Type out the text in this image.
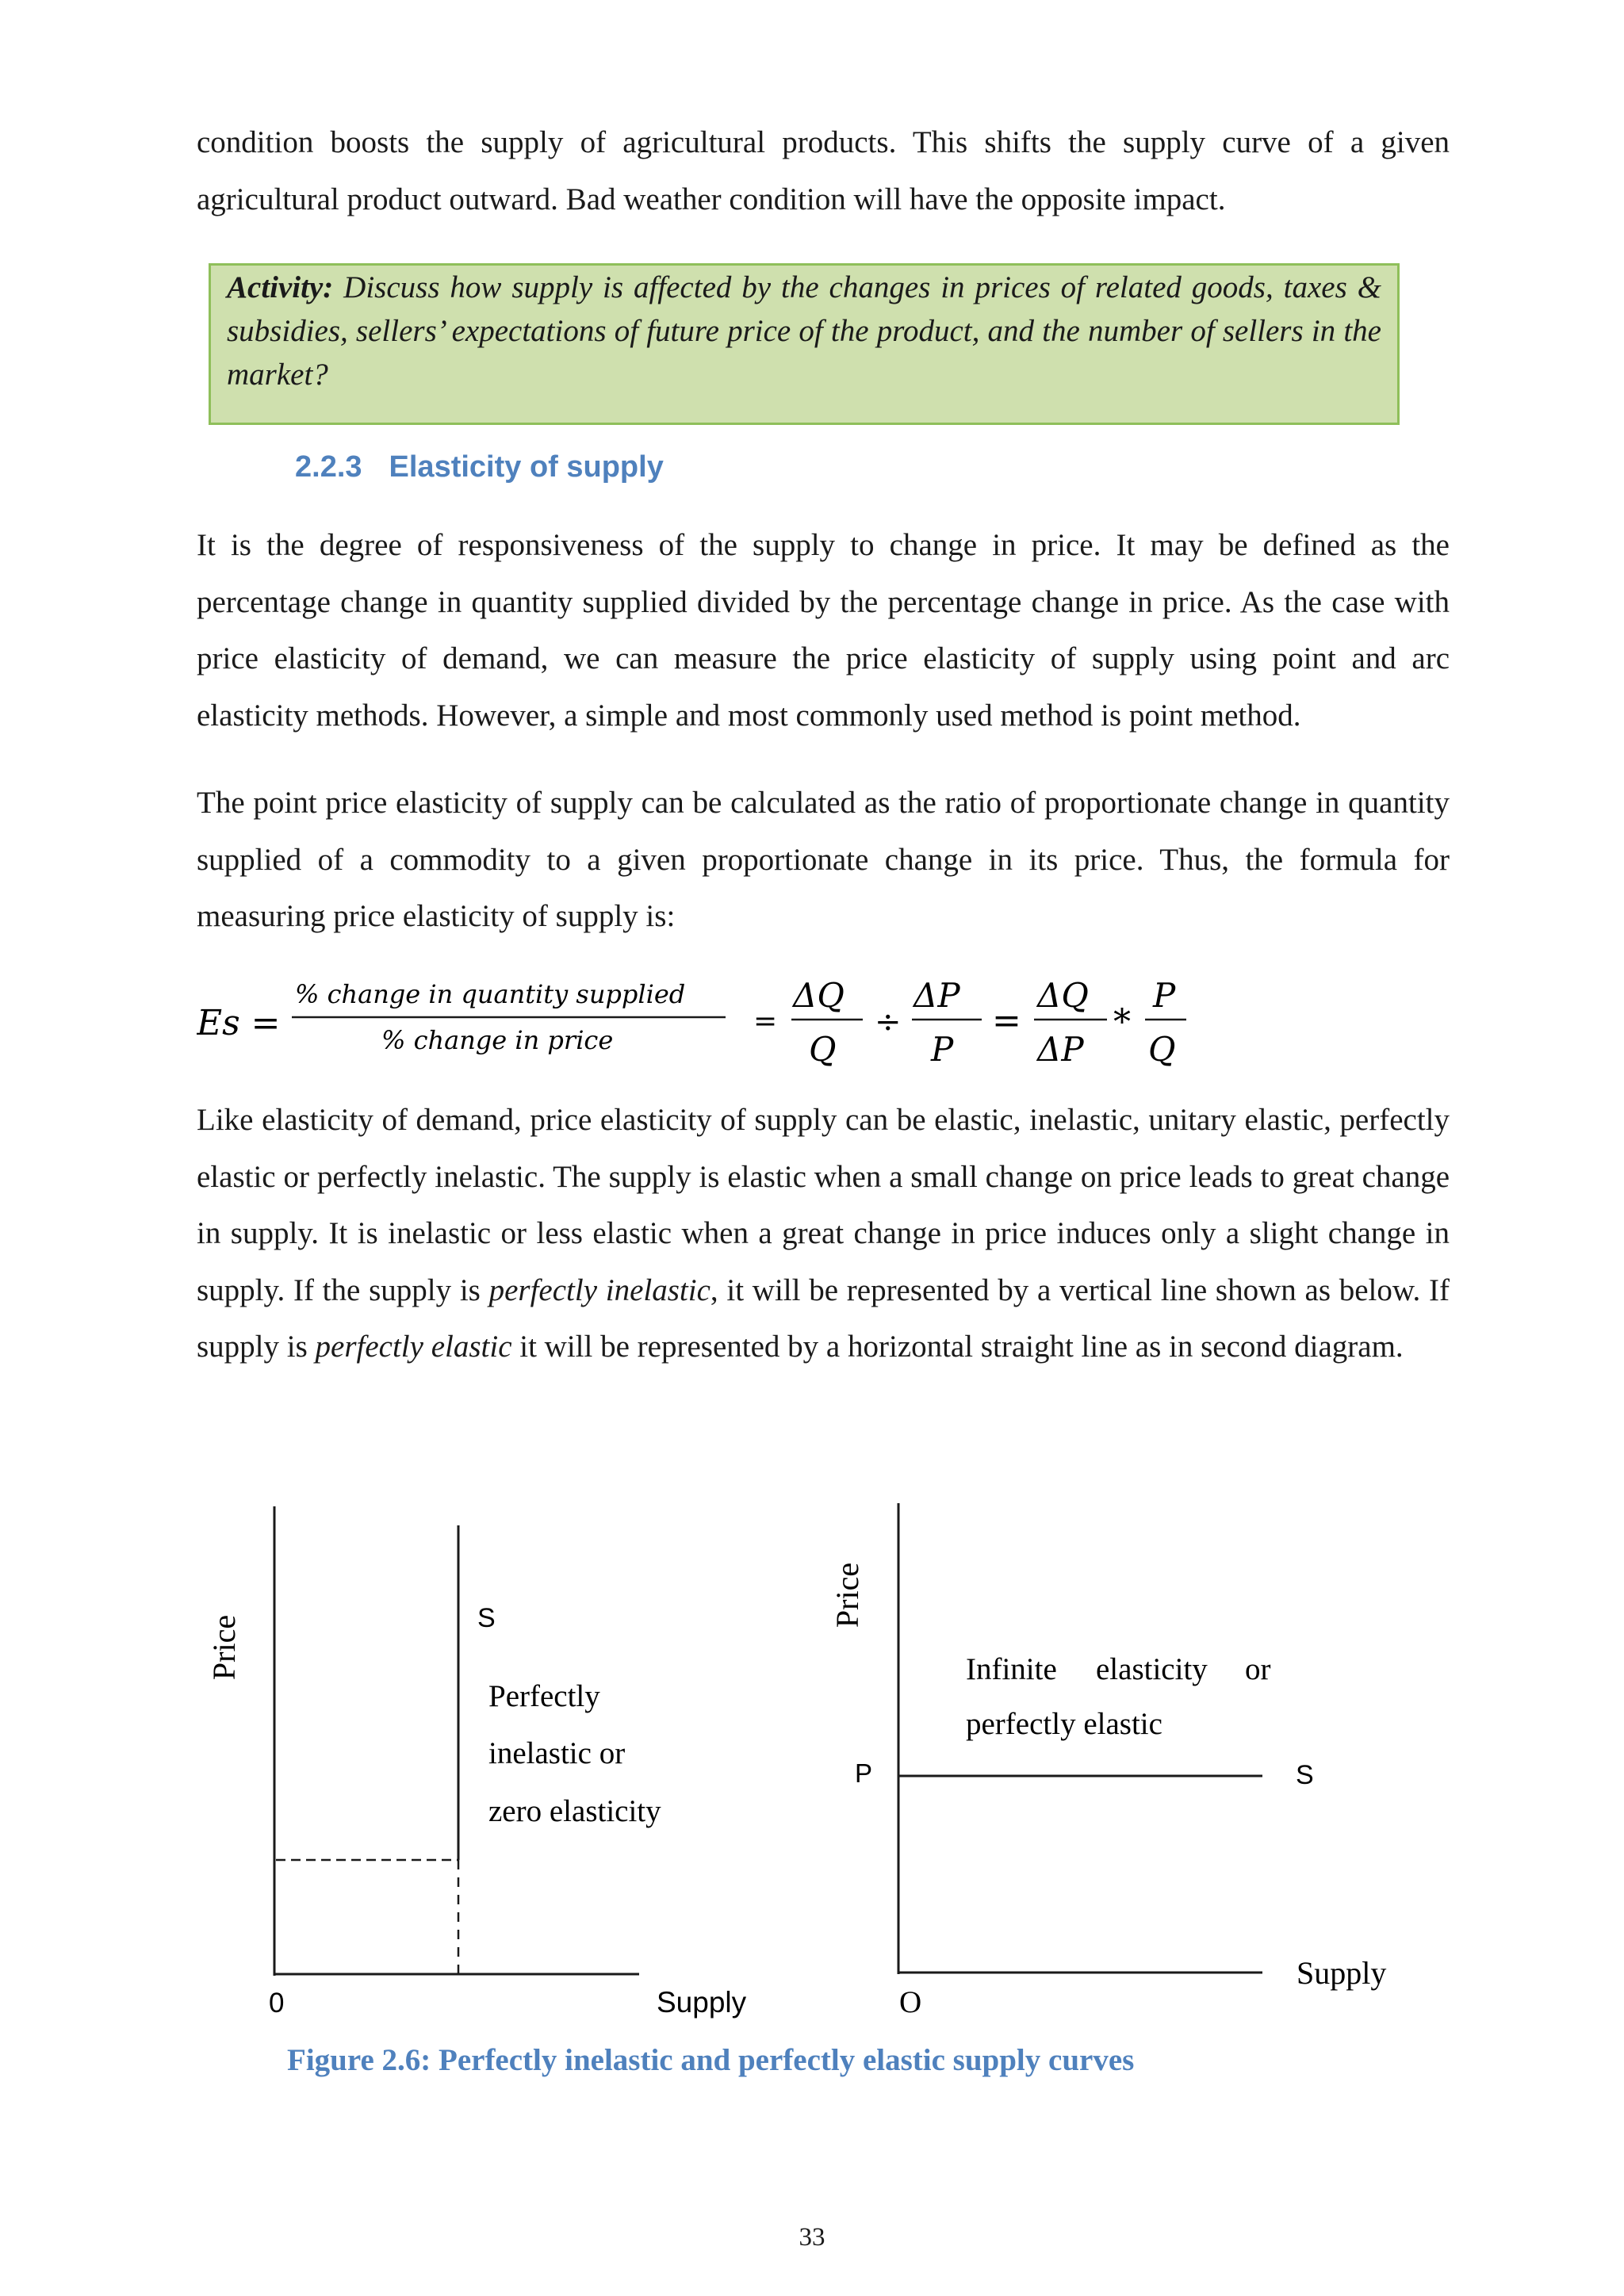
condition boosts the supply of agricultural products. This shifts the supply curve of a given agricultural product outward. Bad weather condition will have the opposite impact.

Activity: Discuss how supply is affected by the changes in prices of related goods, taxes & subsidies, sellers’ expectations of future price of the product, and the number of sellers in the market?

2.2.3 Elasticity of supply

It is the degree of responsiveness of the supply to change in price. It may be defined as the percentage change in quantity supplied divided by the percentage change in price. As the case with price elasticity of demand, we can measure the price elasticity of supply using point and arc elasticity methods. However, a simple and most commonly used method is point method.

The point price elasticity of supply can be calculated as the ratio of proportionate change in quantity supplied of a commodity to a given proportionate change in its price. Thus, the formula for measuring price elasticity of supply is:

Es =
% change in quantity supplied
% change in price
=
ΔQ
Q
÷
ΔP
P
=
ΔQ
ΔP
*
P
Q

Like elasticity of demand, price elasticity of supply can be elastic, inelastic, unitary elastic, perfectly elastic or perfectly inelastic. The supply is elastic when a small change on price leads to great change in supply. It is inelastic or less elastic when a great change in price induces only a slight change in supply. If the supply is perfectly inelastic, it will be represented by a vertical line shown as below. If supply is perfectly elastic it will be represented by a horizontal straight line as in second diagram.

Price	S
Perfectly
inelastic or
zero elasticity
0	Supply
Price
Infinite elasticity or
perfectly elastic
P	S
O
Supply

Figure 2.6: Perfectly inelastic and perfectly elastic supply curves

33
